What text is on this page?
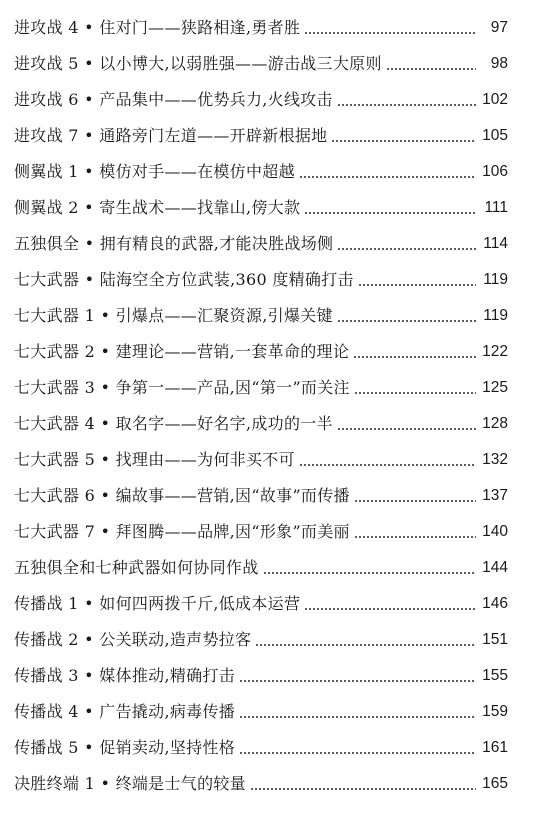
进攻战 4 • 住对门——狭路相逢,勇者胜	97
进攻战 5 • 以小博大,以弱胜强——游击战三大原则	98
进攻战 6 • 产品集中——优势兵力,火线攻击	102
进攻战 7 • 通路旁门左道——开辟新根据地	105
侧翼战 1 • 模仿对手——在模仿中超越	106
侧翼战 2 • 寄生战术——找靠山,傍大款	111
五独俱全 • 拥有精良的武器,才能决胜战场侧	114
七大武器 • 陆海空全方位武装,360 度精确打击	119
七大武器 1 • 引爆点——汇聚资源,引爆关键	119
七大武器 2 • 建理论——营销,一套革命的理论	122
七大武器 3 • 争第一——产品,因“第一”而关注	125
七大武器 4 • 取名字——好名字,成功的一半	128
七大武器 5 • 找理由——为何非买不可	132
七大武器 6 • 编故事——营销,因“故事”而传播	137
七大武器 7 • 拜图腾——品牌,因“形象”而美丽	140
五独俱全和七种武器如何协同作战	144
传播战 1 • 如何四两拨千斤,低成本运营	146
传播战 2 • 公关联动,造声势拉客	151
传播战 3 • 媒体推动,精确打击	155
传播战 4 • 广告撬动,病毒传播	159
传播战 5 • 促销卖动,坚持性格	161
决胜终端 1 • 终端是士气的较量	165
